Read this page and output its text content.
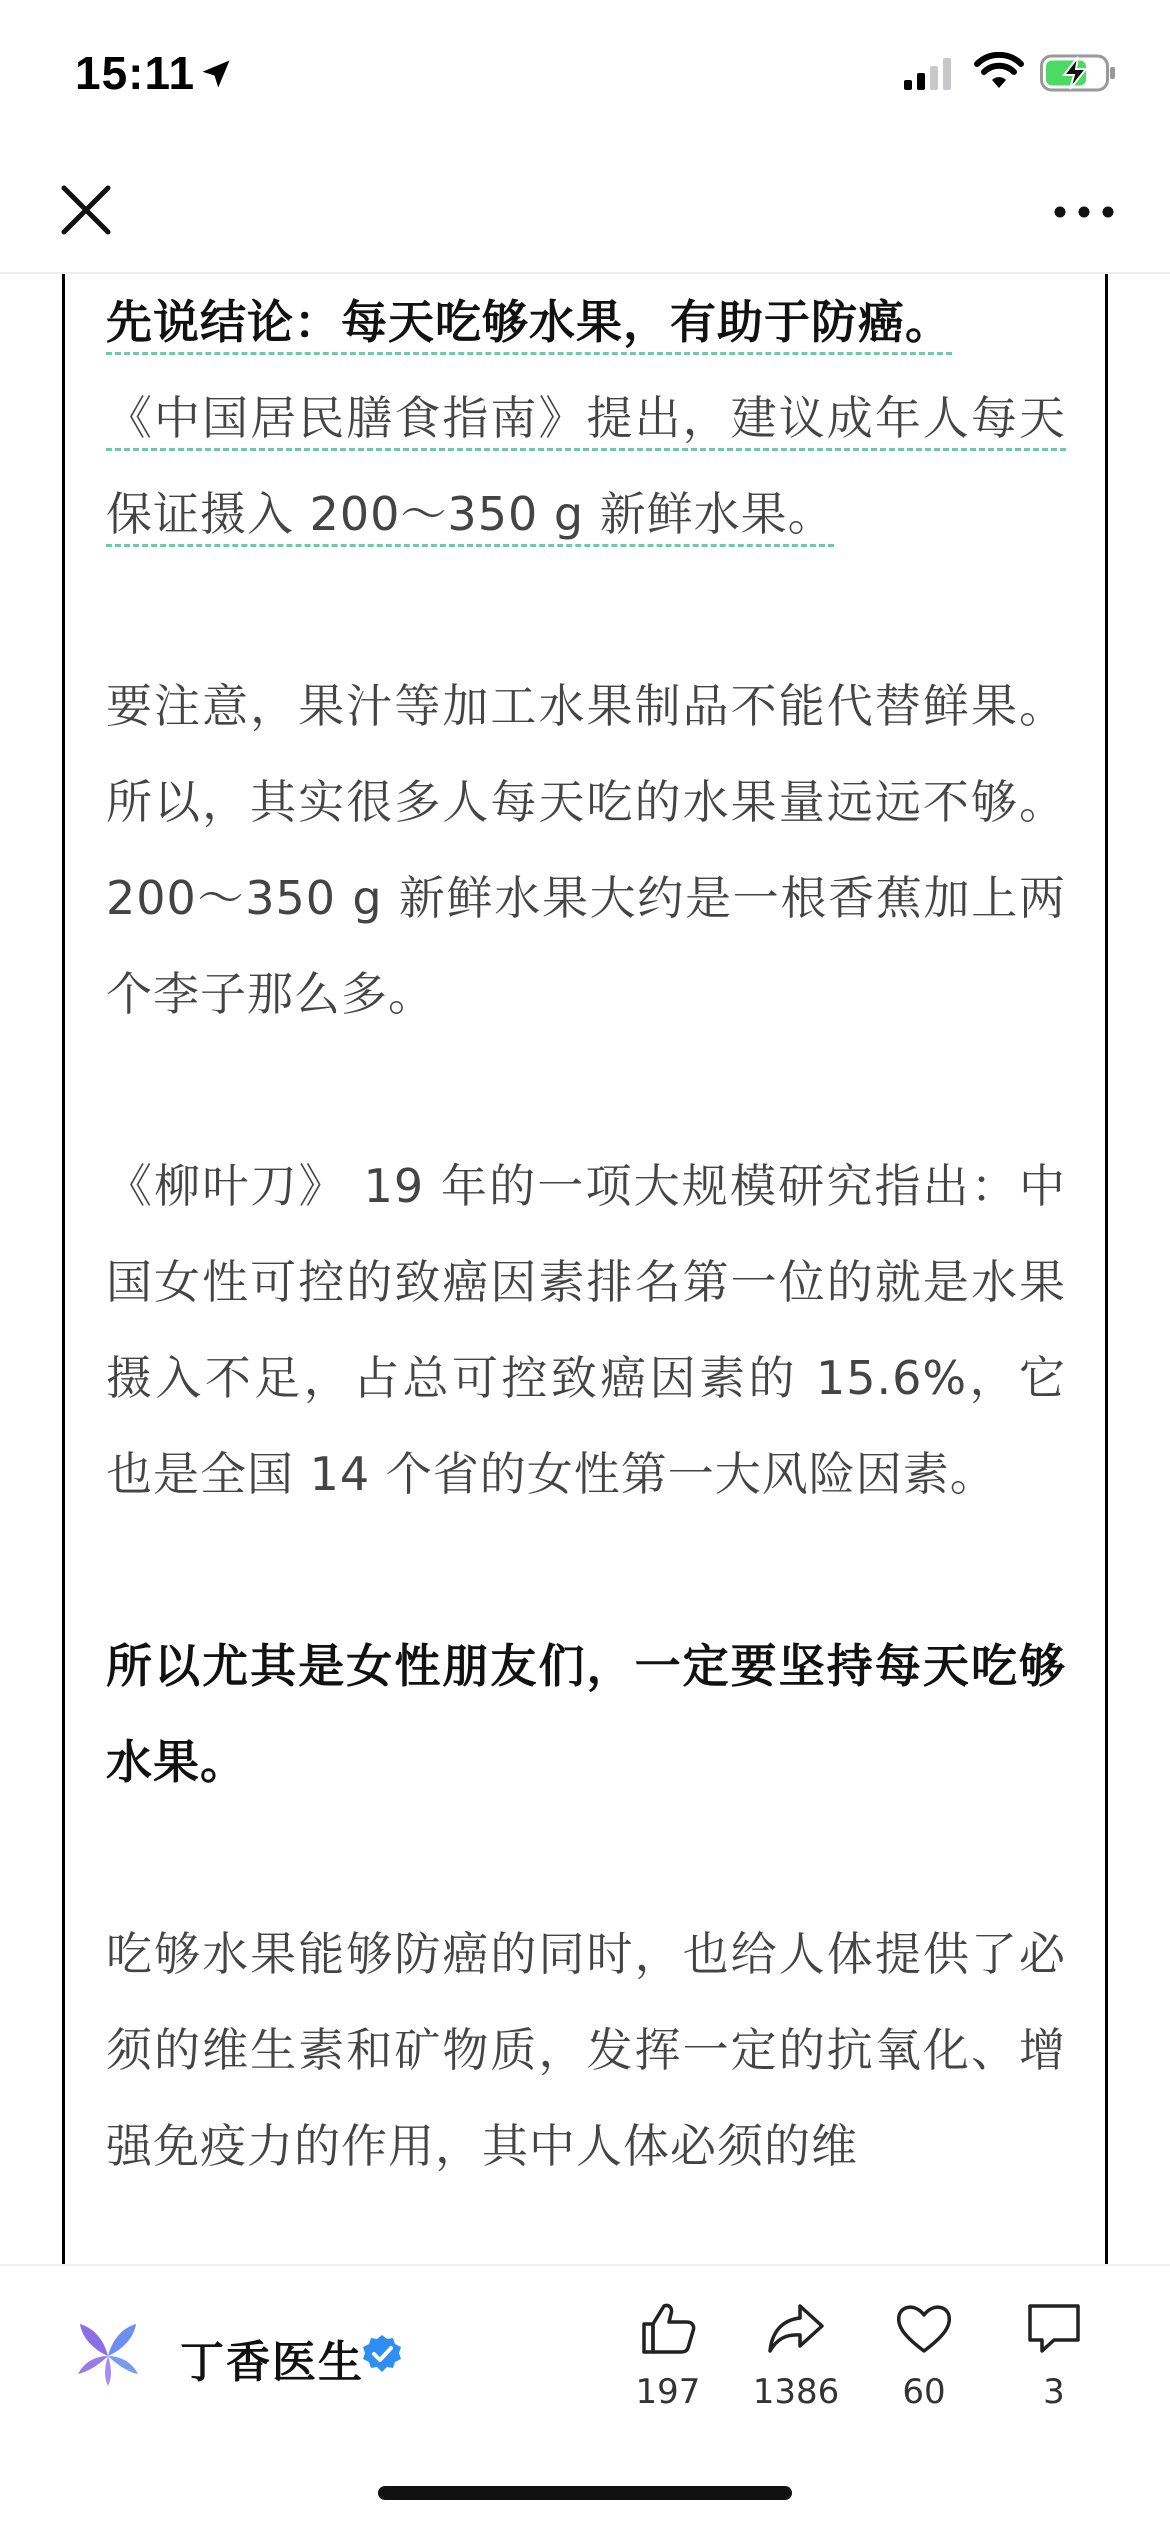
15:11

先说结论：每天吃够水果，有助于防癌。

《中国居民膳食指南》提出，建议成年人每天保证摄入 200～350 g 新鲜水果。

要注意，果汁等加工水果制品不能代替鲜果。所以，其实很多人每天吃的水果量远远不够。200～350 g 新鲜水果大约是一根香蕉加上两个李子那么多。

《柳叶刀》 19 年的一项大规模研究指出：中国女性可控的致癌因素排名第一位的就是水果摄入不足，占总可控致癌因素的 15.6%，它也是全国 14 个省的女性第一大风险因素。

所以尤其是女性朋友们，一定要坚持每天吃够水果。

吃够水果能够防癌的同时，也给人体提供了必须的维生素和矿物质，发挥一定的抗氧化、增强免疫力的作用，其中人体必须的维

丁香医生
197	1386	60	3
